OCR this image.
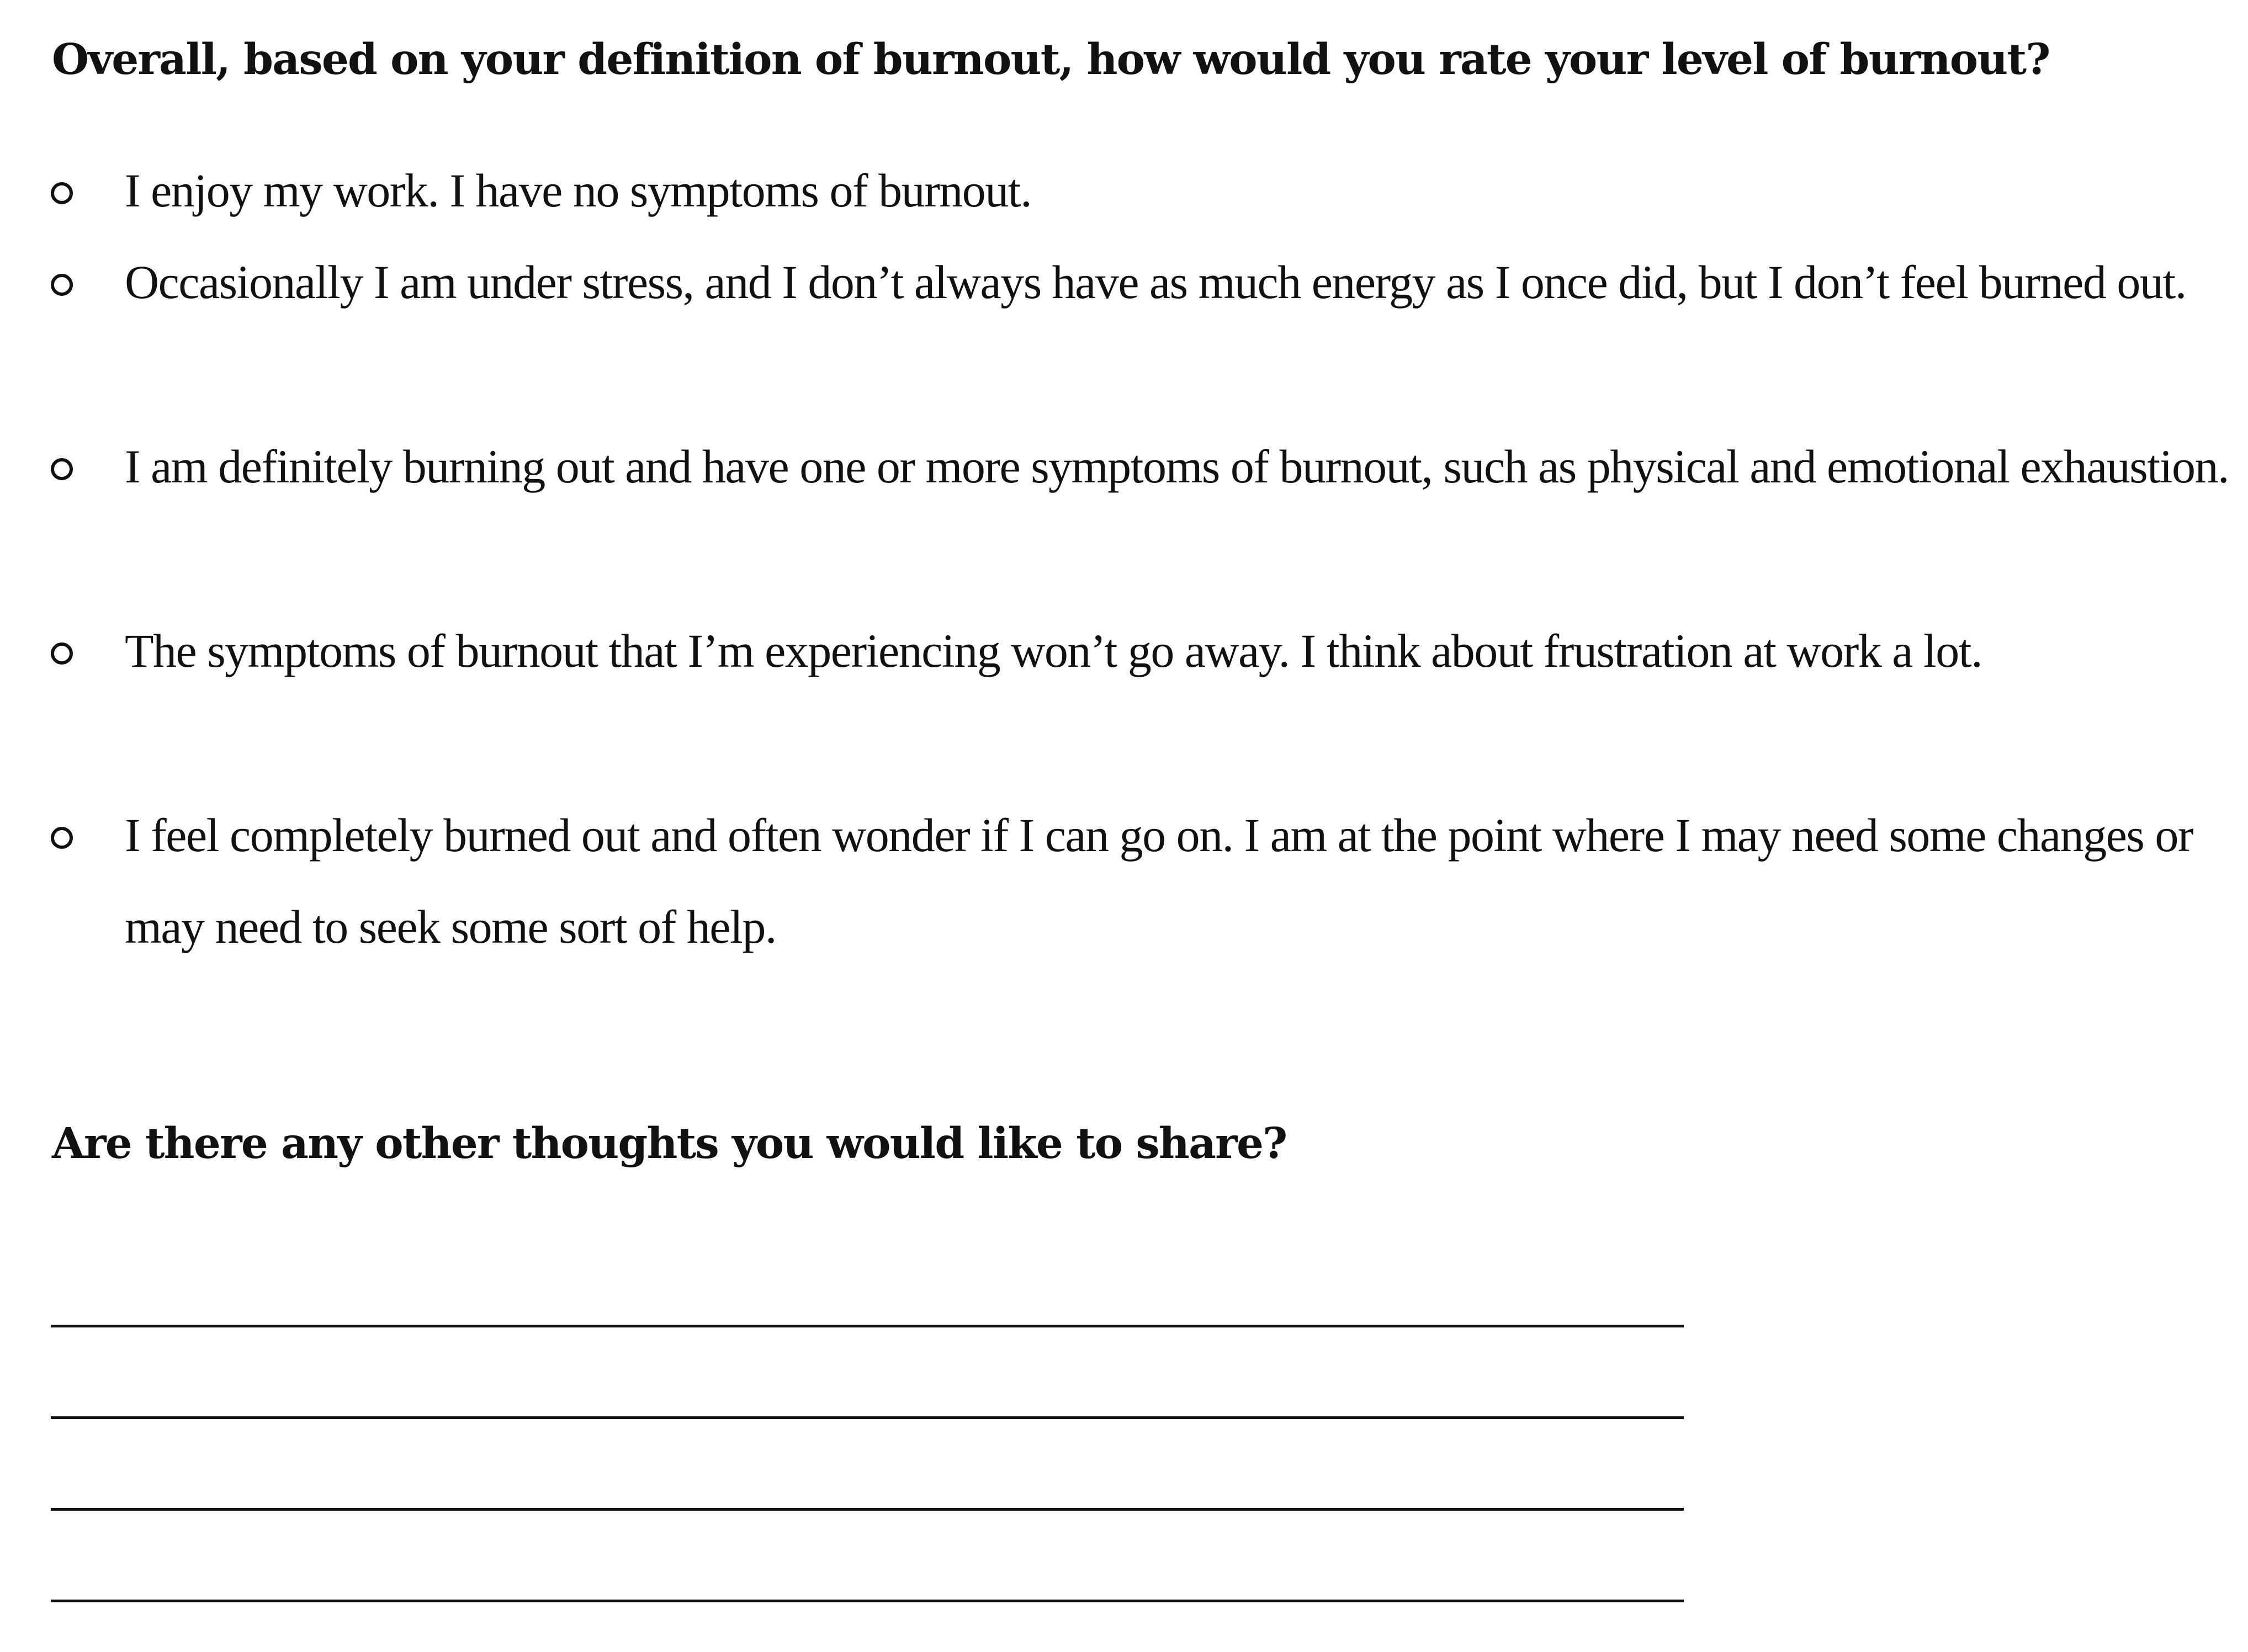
Overall, based on your definition of burnout, how would you rate your level of burnout?
I enjoy my work. I have no symptoms of burnout.
Occasionally I am under stress, and I don’t always have as much energy as I once did, but I don’t feel burned out.
I am definitely burning out and have one or more symptoms of burnout, such as physical and emotional exhaustion.
The symptoms of burnout that I’m experiencing won’t go away. I think about frustration at work a lot.
I feel completely burned out and often wonder if I can go on. I am at the point where I may need some changes or may need to seek some sort of help.
Are there any other thoughts you would like to share?
